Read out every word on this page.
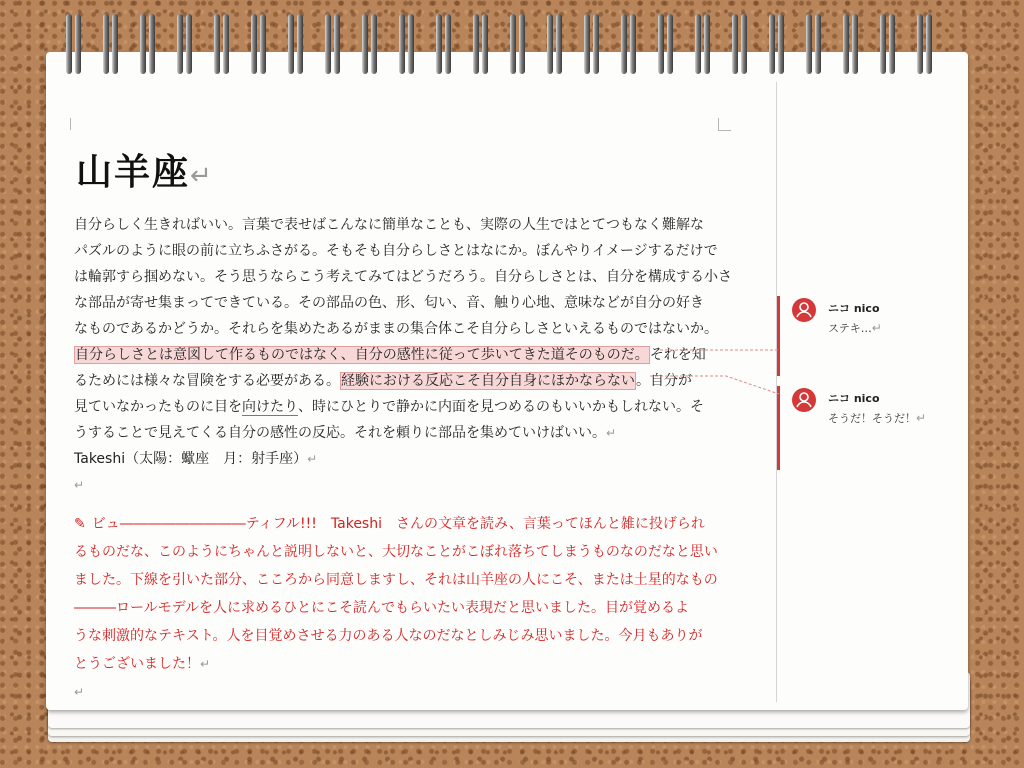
山羊座↵
自分らしく生きればいい。言葉で表せばこんなに簡単なことも、実際の人生ではとてつもなく難解な
パズルのように眼の前に立ちふさがる。そもそも自分らしさとはなにか。ぼんやりイメージするだけで
は輪郭すら掴めない。そう思うならこう考えてみてはどうだろう。自分らしさとは、自分を構成する小さ
な部品が寄せ集まってできている。その部品の色、形、匂い、音、触り心地、意味などが自分の好き
なものであるかどうか。それらを集めたあるがままの集合体こそ自分らしさといえるものではないか。
自分らしさとは意図して作るものではなく、自分の感性に従って歩いてきた道そのものだ。それを知
るためには様々な冒険をする必要がある。経験における反応こそ自分自身にほかならない。自分が
見ていなかったものに目を向けたり、時にひとりで静かに内面を見つめるのもいいかもしれない。そ
うすることで見えてくる自分の感性の反応。それを頼りに部品を集めていけばいい。↵
Takeshi（太陽：蠍座　月：射手座）↵
↵
✎ ビュ―――――――――ティフル!!!　Takeshi　さんの文章を読み、言葉ってほんと雑に投げられ
るものだな、このようにちゃんと説明しないと、大切なことがこぼれ落ちてしまうものなのだなと思い
ました。下線を引いた部分、こころから同意しますし、それは山羊座の人にこそ、または土星的なもの
―――ロールモデルを人に求めるひとにこそ読んでもらいたい表現だと思いました。目が覚めるよ
うな刺激的なテキスト。人を目覚めさせる力のある人なのだなとしみじみ思いました。今月もありが
とうございました！↵
↵
ニコ nico
ステキ…↵
ニコ nico
そうだ！そうだ！↵
